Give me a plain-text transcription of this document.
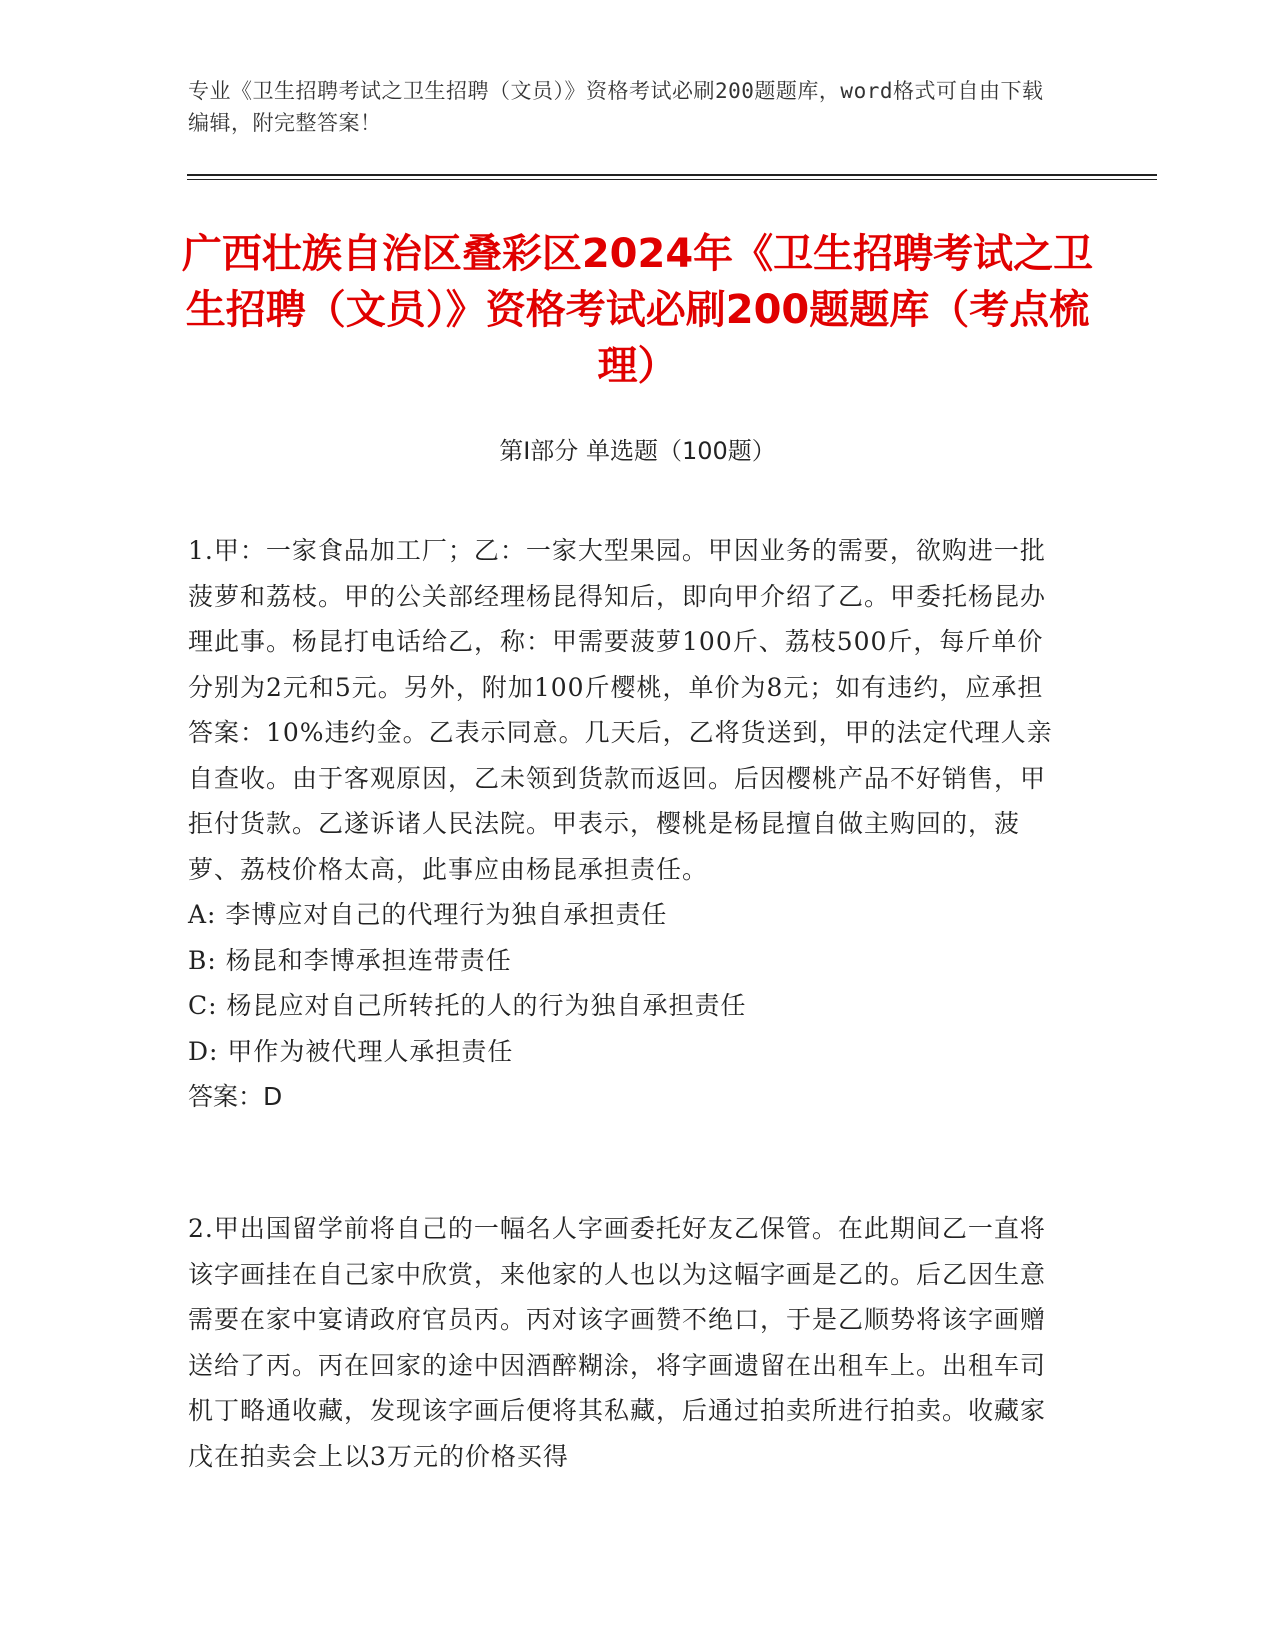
专业《卫生招聘考试之卫生招聘（文员）》资格考试必刷200题题库，word格式可自由下载编辑，附完整答案！
广西壮族自治区叠彩区2024年《卫生招聘考试之卫生招聘（文员）》资格考试必刷200题题库（考点梳理）
第Ⅰ部分 单选题（100题）

1.甲：一家食品加工厂；乙：一家大型果园。甲因业务的需要，欲购进一批菠萝和荔枝。甲的公关部经理杨昆得知后，即向甲介绍了乙。甲委托杨昆办理此事。杨昆打电话给乙，称：甲需要菠萝100斤、荔枝500斤，每斤单价分别为2元和5元。另外，附加100斤樱桃，单价为8元；如有违约，应承担答案：10%违约金。乙表示同意。几天后，乙将货送到，甲的法定代理人亲自查收。由于客观原因，乙未领到货款而返回。后因樱桃产品不好销售，甲拒付货款。乙遂诉诸人民法院。甲表示，樱桃是杨昆擅自做主购回的，菠萝、荔枝价格太高，此事应由杨昆承担责任。

A: 李博应对自己的代理行为独自承担责任

B: 杨昆和李博承担连带责任

C: 杨昆应对自己所转托的人的行为独自承担责任

D: 甲作为被代理人承担责任

答案：D

2.甲出国留学前将自己的一幅名人字画委托好友乙保管。在此期间乙一直将该字画挂在自己家中欣赏，来他家的人也以为这幅字画是乙的。后乙因生意需要在家中宴请政府官员丙。丙对该字画赞不绝口，于是乙顺势将该字画赠送给了丙。丙在回家的途中因酒醉糊涂，将字画遗留在出租车上。出租车司机丁略通收藏，发现该字画后便将其私藏，后通过拍卖所进行拍卖。收藏家戊在拍卖会上以3万元的价格买得
